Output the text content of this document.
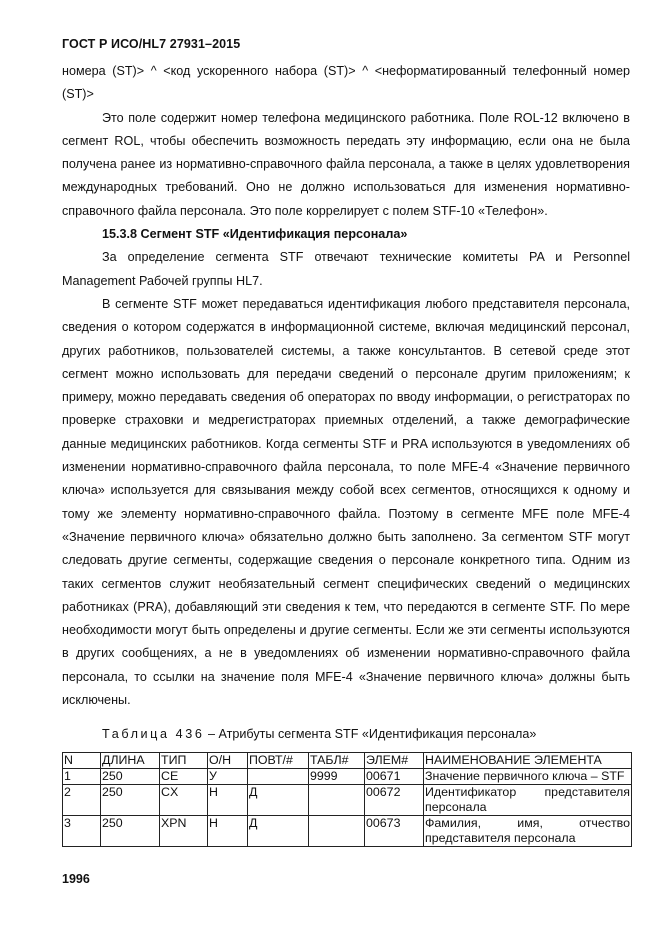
ГОСТ Р ИСО/HL7 27931–2015

номера (ST)> ^ <код ускоренного набора (ST)> ^ <неформатированный телефонный номер (ST)>

Это поле содержит номер телефона медицинского работника. Поле ROL-12 включено в сегмент ROL, чтобы обеспечить возможность передать эту информацию, если она не была получена ранее из нормативно-справочного файла персонала, а также в целях удовлетворения международных требований. Оно не должно использоваться для изменения нормативно-справочного файла персонала. Это поле коррелирует с полем STF-10 «Телефон».

15.3.8 Сегмент STF «Идентификация персонала»

За определение сегмента STF отвечают технические комитеты PA и Personnel Management Рабочей группы HL7.

В сегменте STF может передаваться идентификация любого представителя персонала, сведения о котором содержатся в информационной системе, включая медицинский персонал, других работников, пользователей системы, а также консультантов. В сетевой среде этот сегмент можно использовать для передачи сведений о персонале другим приложениям; к примеру, можно передавать сведения об операторах по вводу информации, о регистраторах по проверке страховки и медрегистраторах приемных отделений, а также демографические данные медицинских работников. Когда сегменты STF и PRA используются в уведомлениях об изменении нормативно-справочного файла персонала, то поле MFE-4 «Значение первичного ключа» используется для связывания между собой всех сегментов, относящихся к одному и тому же элементу нормативно-справочного файла. Поэтому в сегменте MFE поле MFE-4 «Значение первичного ключа» обязательно должно быть заполнено. За сегментом STF могут следовать другие сегменты, содержащие сведения о персонале конкретного типа. Одним из таких сегментов служит необязательный сегмент специфических сведений о медицинских работниках (PRA), добавляющий эти сведения к тем, что передаются в сегменте STF. По мере необходимости могут быть определены и другие сегменты. Если же эти сегменты используются в других сообщениях, а не в уведомлениях об изменении нормативно-справочного файла персонала, то ссылки на значение поля MFE-4 «Значение первичного ключа» должны быть исключены.

Таблица 436 – Атрибуты сегмента STF «Идентификация персонала»
N	ДЛИНА	ТИП	О/Н	ПОВТ/#	ТАБЛ#	ЭЛЕМ#	НАИМЕНОВАНИЕ ЭЛЕМЕНТА
1	250	CE	У		9999	00671	Значение первичного ключа – STF
2	250	CX	Н	Д		00672	Идентификатор представителя персонала
3	250	XPN	Н	Д		00673	Фамилия, имя, отчество представителя персонала
1996
